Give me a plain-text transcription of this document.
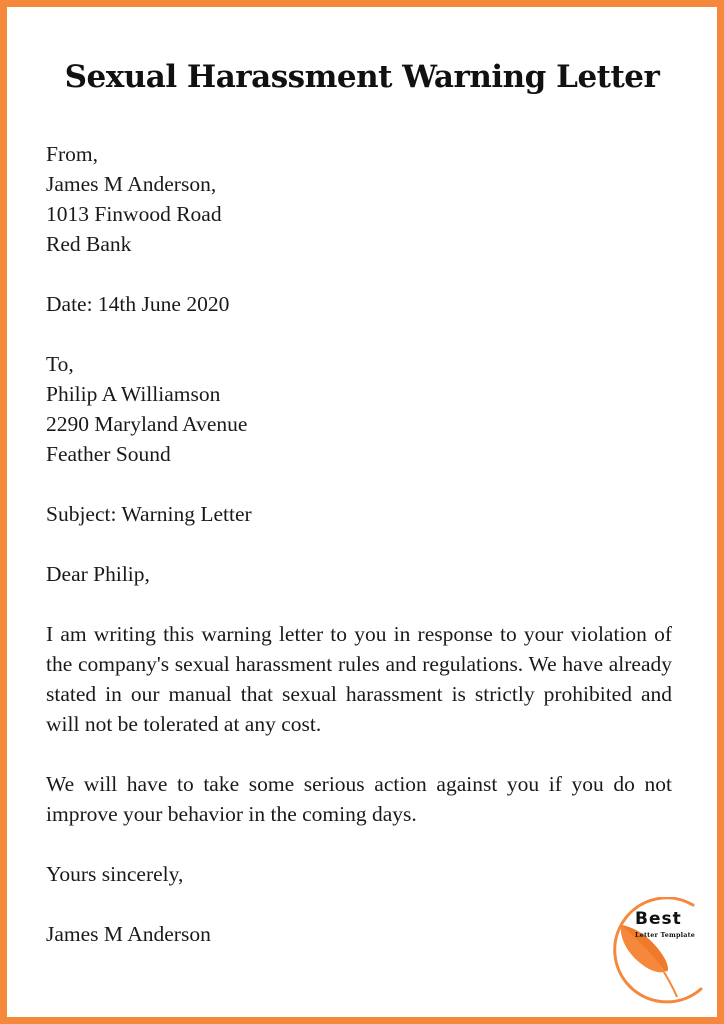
Sexual Harassment Warning Letter
From,
James M Anderson,
1013 Finwood Road
Red Bank
Date: 14th June 2020
To,
Philip A Williamson
2290 Maryland Avenue
Feather Sound
Subject: Warning Letter
Dear Philip,
I am writing this warning letter to you in response to your violation of the company's sexual harassment rules and regulations. We have already stated in our manual that sexual harassment is strictly prohibited and will not be tolerated at any cost.
We will have to take some serious action against you if you do not improve your behavior in the coming days.
Yours sincerely,
James M Anderson
Best
Letter Template
